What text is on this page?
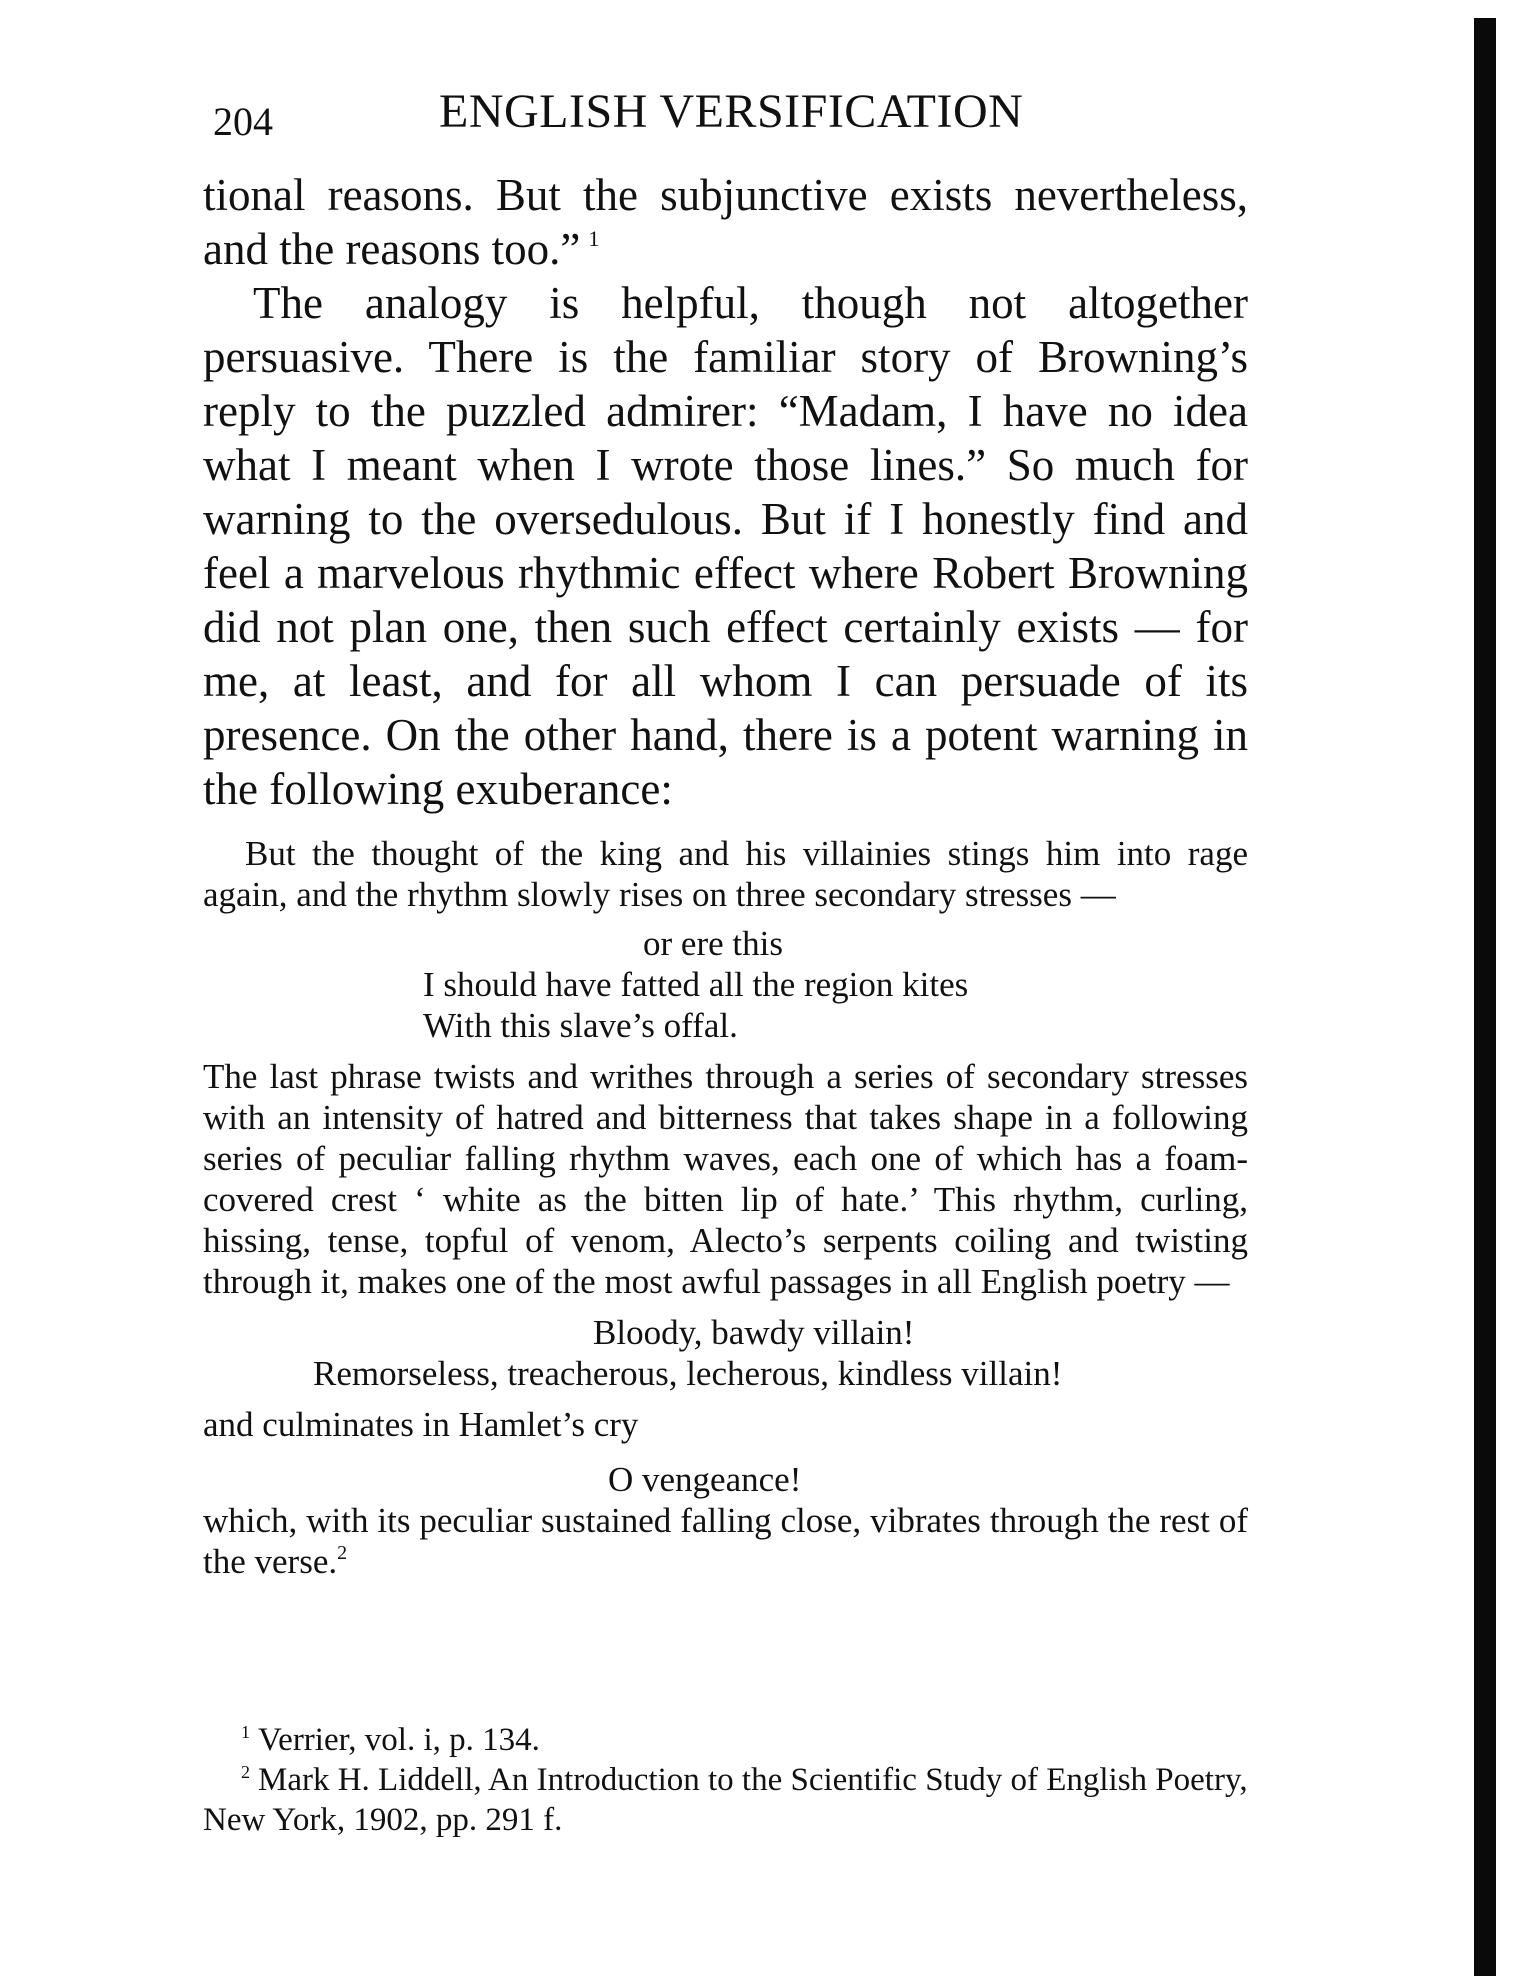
204	ENGLISH VERSIFICATION

tional reasons. But the subjunctive exists nevertheless, and the reasons too.” $^1$

The analogy is helpful, though not altogether persuasive. There is the familiar story of Browning’s reply to the puzzled admirer: “Madam, I have no idea what I meant when I wrote those lines.” So much for warning to the oversedulous. But if I honestly find and feel a marvelous rhythmic effect where Robert Browning did not plan one, then such effect certainly exists — for me, at least, and for all whom I can persuade of its presence. On the other hand, there is a potent warning in the following exuberance:

But the thought of the king and his villainies stings him into rage again, and the rhythm slowly rises on three secondary stresses —

or ere this
I should have fatted all the region kites
With this slave’s offal.

The last phrase twists and writhes through a series of secondary stresses with an intensity of hatred and bitterness that takes shape in a following series of peculiar falling rhythm waves, each one of which has a foam-covered crest ‘ white as the bitten lip of hate.’ This rhythm, curling, hissing, tense, topful of venom, Alecto’s serpents coiling and twisting through it, makes one of the most awful passages in all English poetry —

Bloody, bawdy villain!
Remorseless, treacherous, lecherous, kindless villain!

and culminates in Hamlet’s cry

O vengeance!

which, with its peculiar sustained falling close, vibrates through the rest of the verse.$^2$

$^1$ Verrier, vol. i, p. 134.

$^2$ Mark H. Liddell, An Introduction to the Scientific Study of English Poetry, New York, 1902, pp. 291 f.
